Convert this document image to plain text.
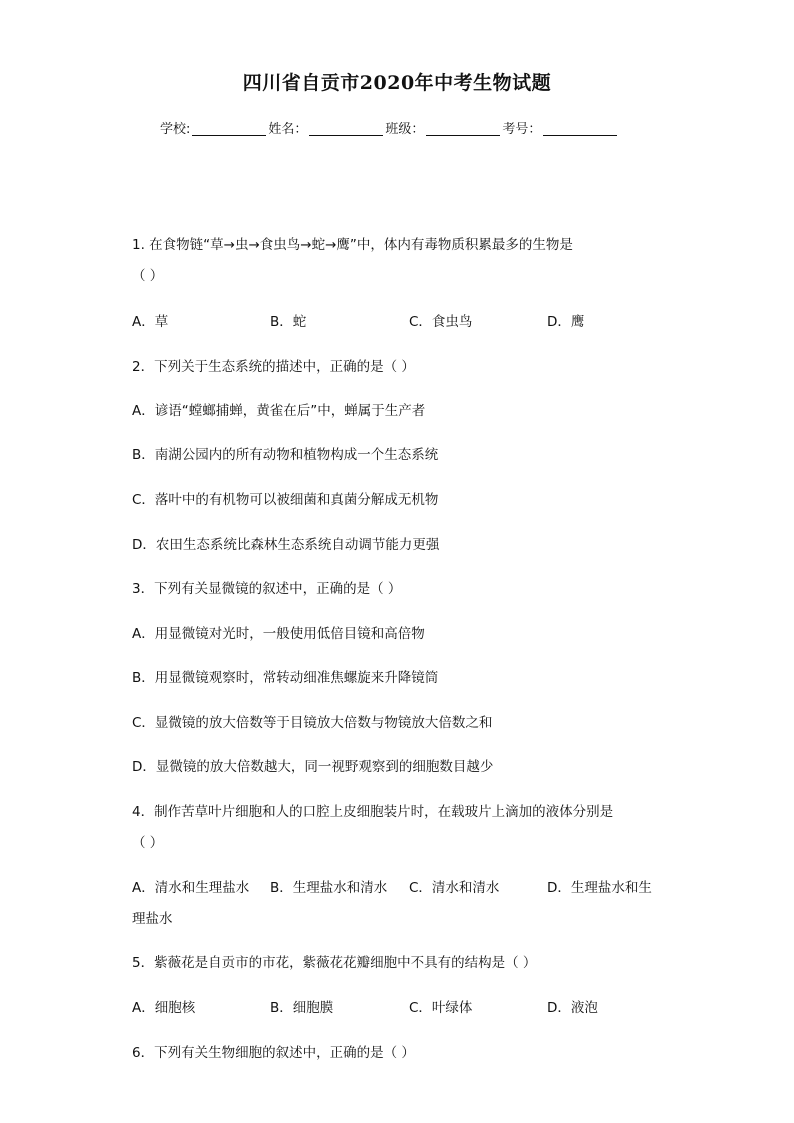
四川省自贡市2020年中考生物试题
学校:	姓名：	班级：	考号：
1. 在食物链“草→虫→食虫鸟→蛇→鹰”中，体内有毒物质积累最多的生物是
（ ）
A．草	B．蛇	C．食虫鸟	D．鹰
2．下列关于生态系统的描述中，正确的是（ ）
A．谚语“螳螂捕蝉，黄雀在后”中，蝉属于生产者
B．南湖公园内的所有动物和植物构成一个生态系统
C．落叶中的有机物可以被细菌和真菌分解成无机物
D．农田生态系统比森林生态系统自动调节能力更强
3．下列有关显微镜的叙述中，正确的是（ ）
A．用显微镜对光时，一般使用低倍目镜和高倍物
B．用显微镜观察时，常转动细准焦螺旋来升降镜筒
C．显微镜的放大倍数等于目镜放大倍数与物镜放大倍数之和
D．显微镜的放大倍数越大，同一视野观察到的细胞数目越少
4．制作苦草叶片细胞和人的口腔上皮细胞装片时，在载玻片上滴加的液体分别是
（ ）
A．清水和生理盐水 B．生理盐水和清水 C．清水和清水	D．生理盐水和生
理盐水
5．紫薇花是自贡市的市花，紫薇花花瓣细胞中不具有的结构是（ ）
A．细胞核	B．细胞膜	C．叶绿体	D．液泡
6．下列有关生物细胞的叙述中，正确的是（ ）
